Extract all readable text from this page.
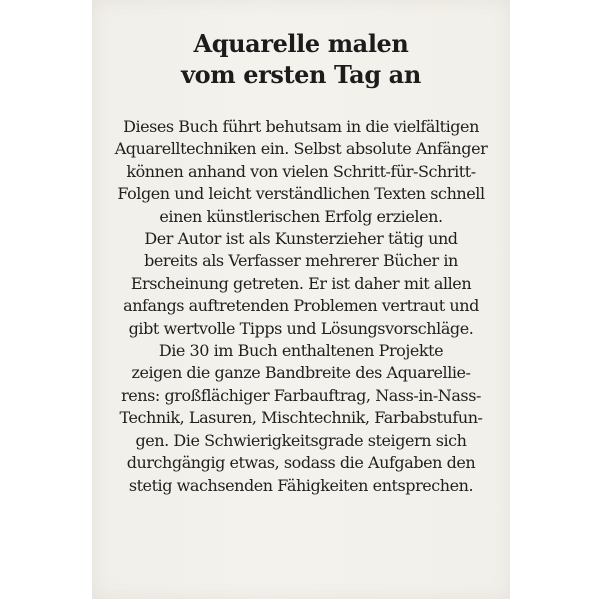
Aquarelle malen
vom ersten Tag an
Dieses Buch führt behutsam in die vielfältigen
Aquarelltechniken ein. Selbst absolute Anfänger
können anhand von vielen Schritt-für-Schritt-
Folgen und leicht verständlichen Texten schnell
einen künstlerischen Erfolg erzielen.
Der Autor ist als Kunsterzieher tätig und
bereits als Verfasser mehrerer Bücher in
Erscheinung getreten. Er ist daher mit allen
anfangs auftretenden Problemen vertraut und
gibt wertvolle Tipps und Lösungsvorschläge.
Die 30 im Buch enthaltenen Projekte
zeigen die ganze Bandbreite des Aquarellie-
rens: großflächiger Farbauftrag, Nass-in-Nass-
Technik, Lasuren, Mischtechnik, Farbabstufun-
gen. Die Schwierigkeitsgrade steigern sich
durchgängig etwas, sodass die Aufgaben den
stetig wachsenden Fähigkeiten entsprechen.
